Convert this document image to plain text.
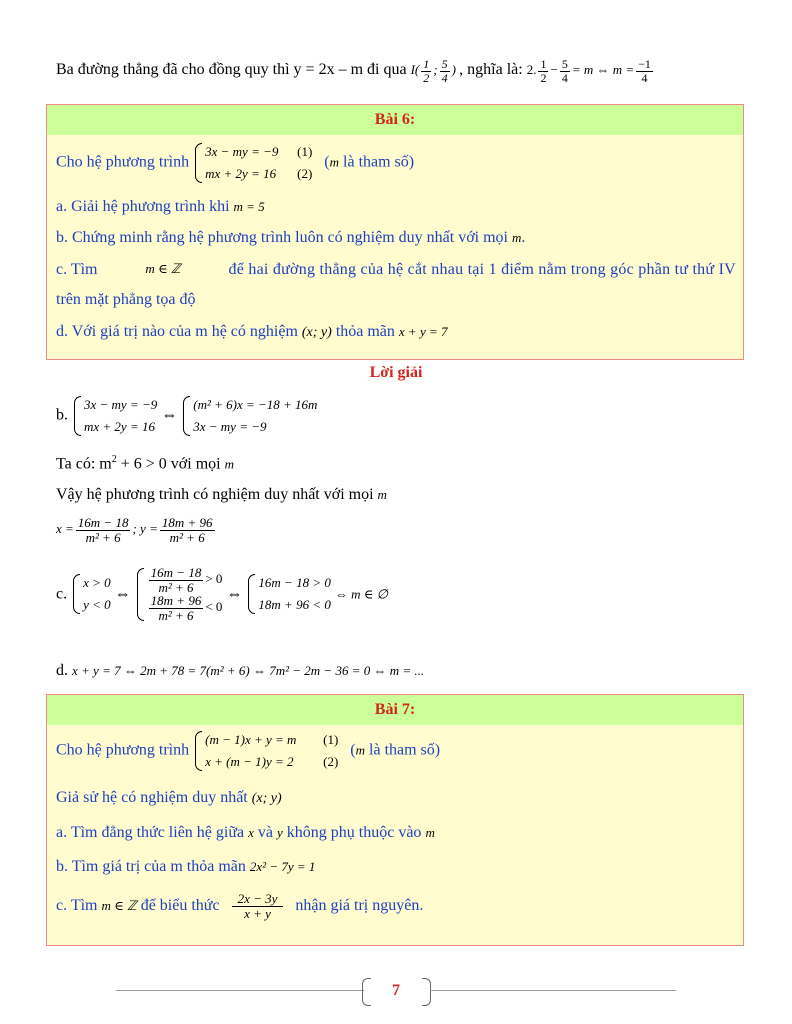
Ba đường thẳng đã cho đồng quy thì y = 2x – m đi qua $I( \frac{1}{2}$ ; $\frac{5}{4}$ ) , nghĩa là: 2. $\frac{1}{2} - \frac{5}{4} = m$ ⇔ $m = \frac{-1}{4}$
Bài 6:
Cho hệ phương trình
3x − my = −9 (1)
mx + 2y = 16 (2)
(m là tham số)
a. Giải hệ phương trình khi m = 5
b. Chứng minh rằng hệ phương trình luôn có nghiệm duy nhất với mọi m.
c. Tìm	m ∈ ℤ	để hai đường thẳng của hệ cắt nhau tại 1 điểm nằm trong góc phần tư thứ IV
trên mặt phẳng tọa độ
d. Với giá trị nào của m hệ có nghiệm (x; y) thỏa mãn x + y = 7
Lời giải
b.
3x − my = −9
mx + 2y = 16
⇔
(m² + 6)x = −18 + 16m
3x − my = −9
Ta có: $m^2 + 6 > 0$ với mọi m
Vậy hệ phương trình có nghiệm duy nhất với mọi m
$x = \frac{16m - 18}{\text{m² + 6}}$ ; $y = \frac{18m + 96}{\text{m² + 6}}$
c.
x > 0
y < 0
⇔ $\frac{16m - 18}{\text{m² + 6}} > 0$
$\frac{18m + 96}{\text{m² + 6}} < 0$
⇔
16m − 18 > 0
18m + 96 < 0
⇔ m ∈ ∅
d. x + y = 7 ⇔ 2m + 78 = 7(m² + 6) ⇔ 7m² − 2m − 36 = 0 ⇔ m = ...
Bài 7:
Cho hệ phương trình
(m − 1)x + y = m (1)
x + (m − 1)y = 2 (2)
(m là tham số)
Giả sử hệ có nghiệm duy nhất (x; y)
a. Tìm đẳng thức liên hệ giữa x và y không phụ thuộc vào m
b. Tìm giá trị của m thỏa mãn 2x² − 7y = 1
c. Tìm m ∈ ℤ để biểu thức $\frac{2x - 3y}{x + y}$ nhận giá trị nguyên.
7
